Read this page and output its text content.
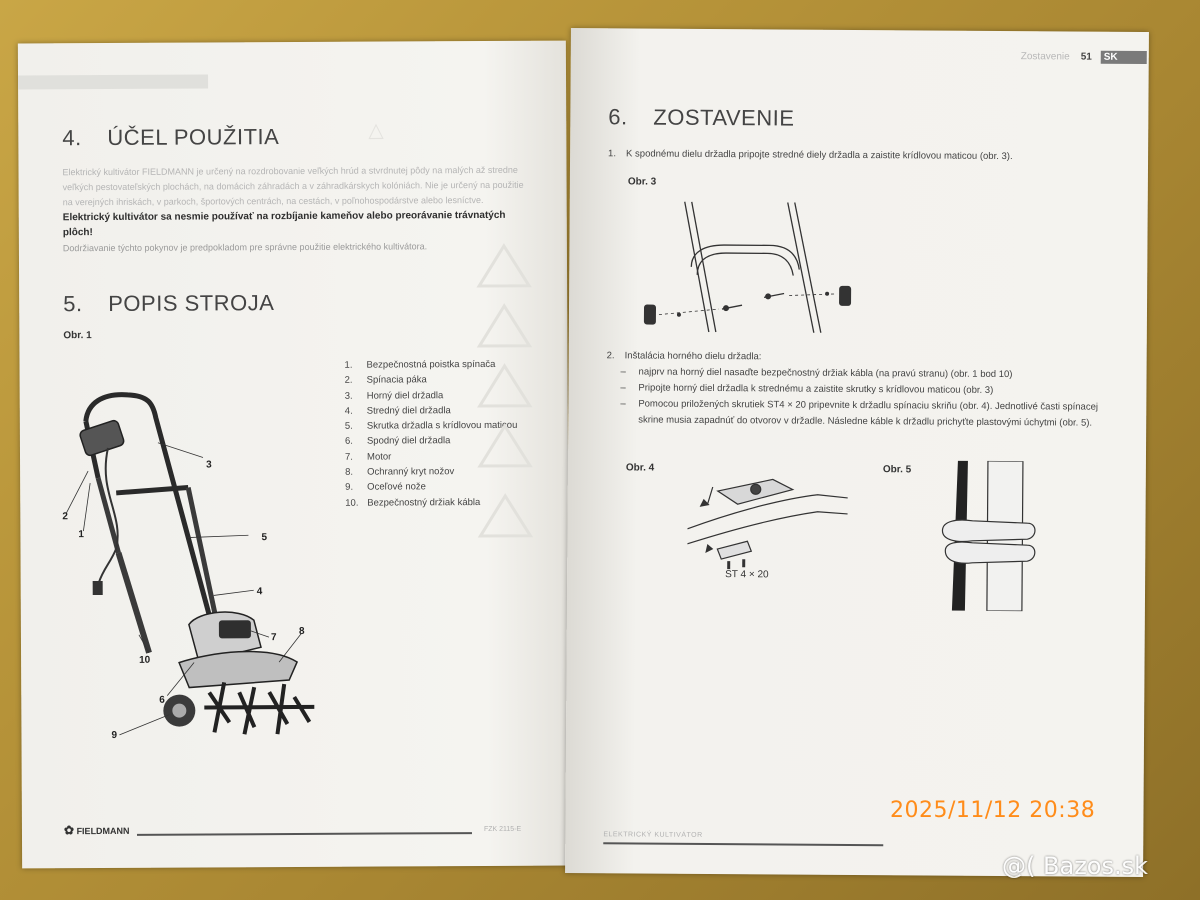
△
4. ÚČEL POUŽITIA
Elektrický kultivátor FIELDMANN je určený na rozdrobovanie veľkých hrúd a stvrdnutej pôdy na malých až stredne veľkých pestovateľských plochách, na domácich záhradách a v záhradkárskych kolóniách. Nie je určený na použitie na verejných ihriskách, v parkoch, športových centrách, na cestách, v poľnohospodárstve alebo lesníctve.
Elektrický kultivátor sa nesmie používať na rozbíjanie kameňov alebo preorávanie trávnatých plôch!
Dodržiavanie týchto pokynov je predpokladom pre správne použitie elektrického kultivátora.
5. POPIS STROJA
Obr. 1
3
5
4
1
2
7
8
6
10
9
1. Bezpečnostná poistka spínača
2. Spínacia páka
3. Horný diel držadla
4. Stredný diel držadla
5. Skrutka držadla s krídlovou maticou
6. Spodný diel držadla
7. Motor
8. Ochranný kryt nožov
9. Oceľové nože
10. Bezpečnostný držiak kábla
✿ FIELDMANN	FZK 2115-E
Zostavenie 51	SK
6. ZOSTAVENIE
1. K spodnému dielu držadla pripojte stredné diely držadla a zaistite krídlovou maticou (obr. 3).
Obr. 3
2. Inštalácia horného dielu držadla:
– najprv na horný diel nasaďte bezpečnostný držiak kábla (na pravú stranu) (obr. 1 bod 10)
– Pripojte horný diel držadla k strednému a zaistite skrutky s krídlovou maticou (obr. 3)
– Pomocou priložených skrutiek ST4 × 20 pripevnite k držadlu spínaciu skriňu (obr. 4). Jednotlivé časti spínacej skrine musia zapadnúť do otvorov v držadle. Následne káble k držadlu prichyťte plastovými úchytmi (obr. 5).
Obr. 4	Obr. 5
ST 4 × 20
ELEKTRICKÝ KULTIVÁTOR
2025/11/12 20:38
@( Bazos.sk
